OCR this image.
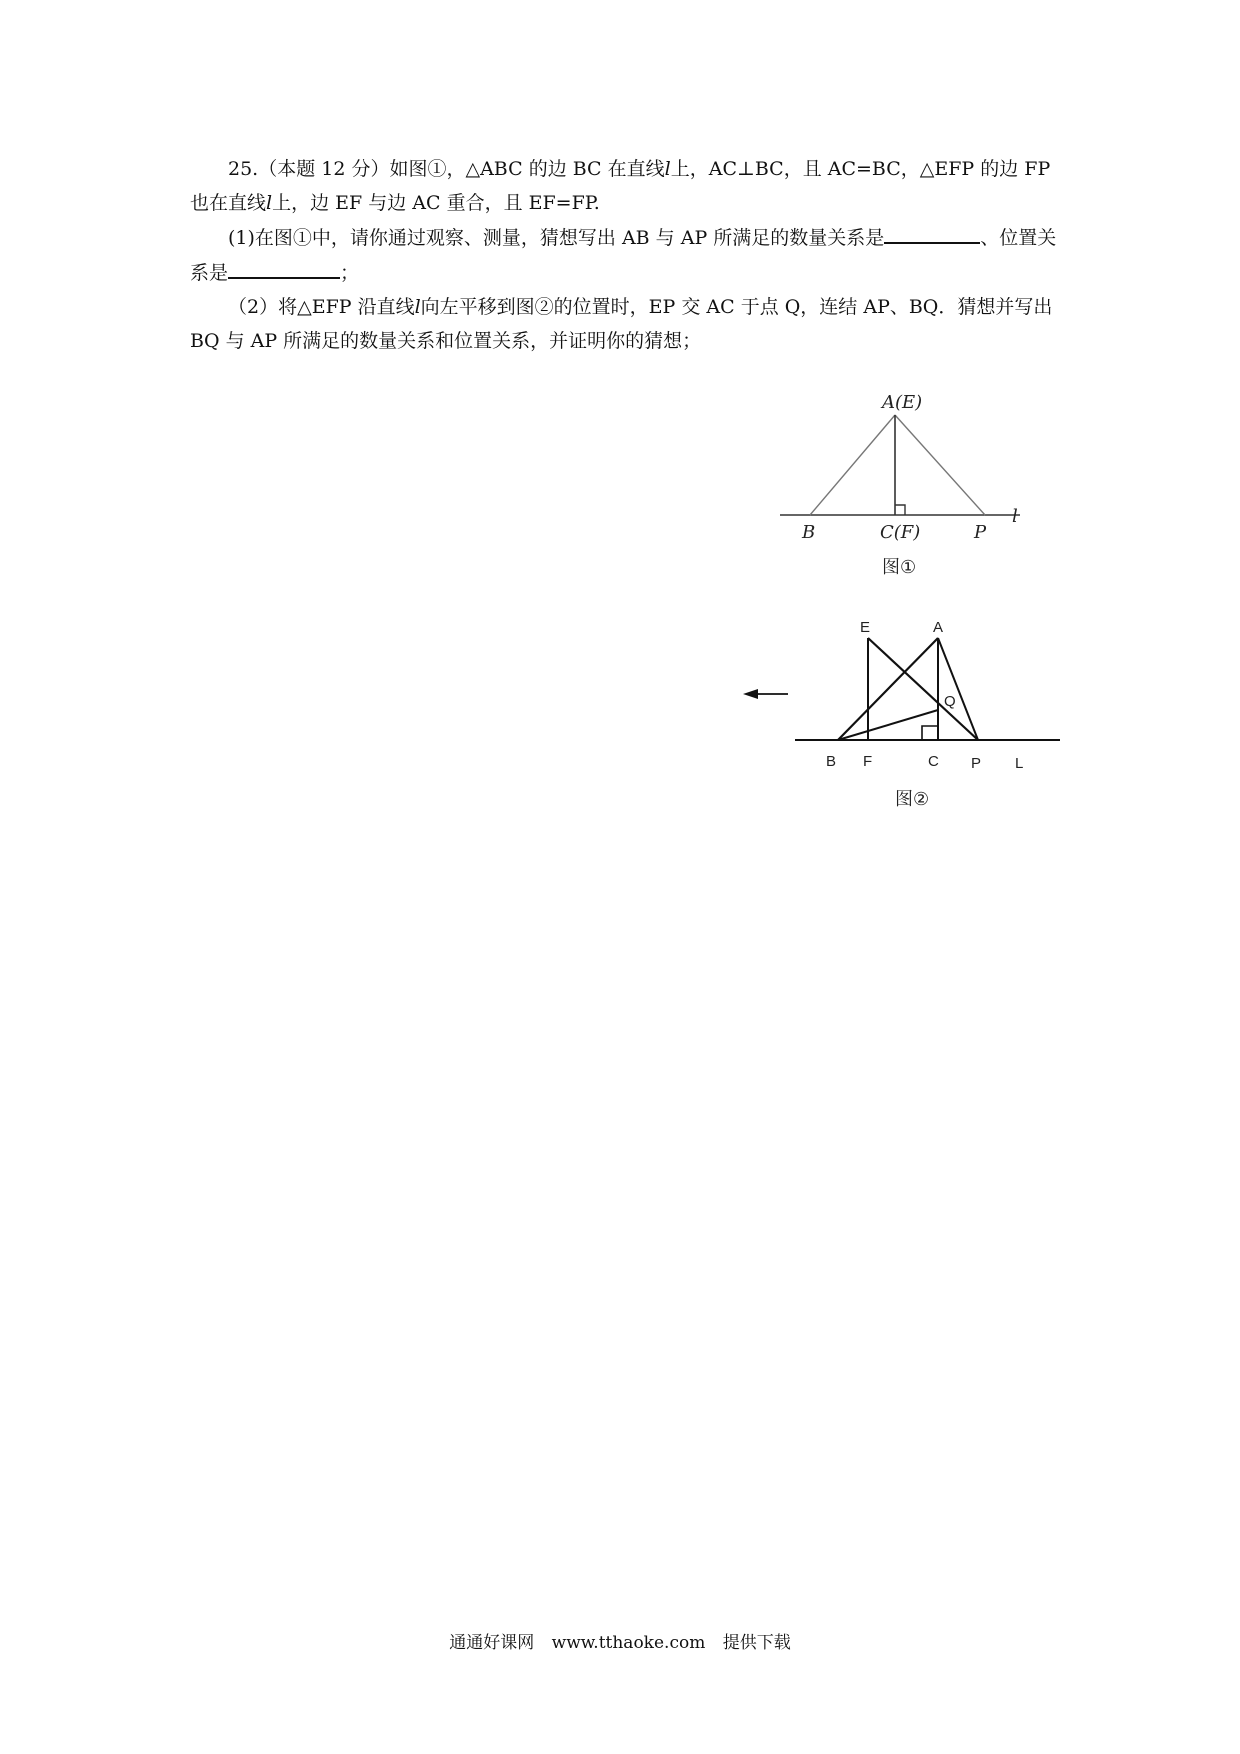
25.（本题 12 分）如图①，△ABC 的边 BC 在直线l上，AC⊥BC，且 AC=BC，△EFP 的边 FP 也在直线l上，边 EF 与边 AC 重合，且 EF=FP.

(1)在图①中，请你通过观察、测量，猜想写出 AB 与 AP 所满足的数量关系是	、位置关系是	；

（2）将△EFP 沿直线l向左平移到图②的位置时，EP 交 AC 于点 Q，连结 AP、BQ．猜想并写出 BQ 与 AP 所满足的数量关系和位置关系，并证明你的猜想；

A(E)
B	C(F)	P
l
图①
E	A
Q
B F	C P L
图②
通通好课网 www.tthaoke.com 提供下载
